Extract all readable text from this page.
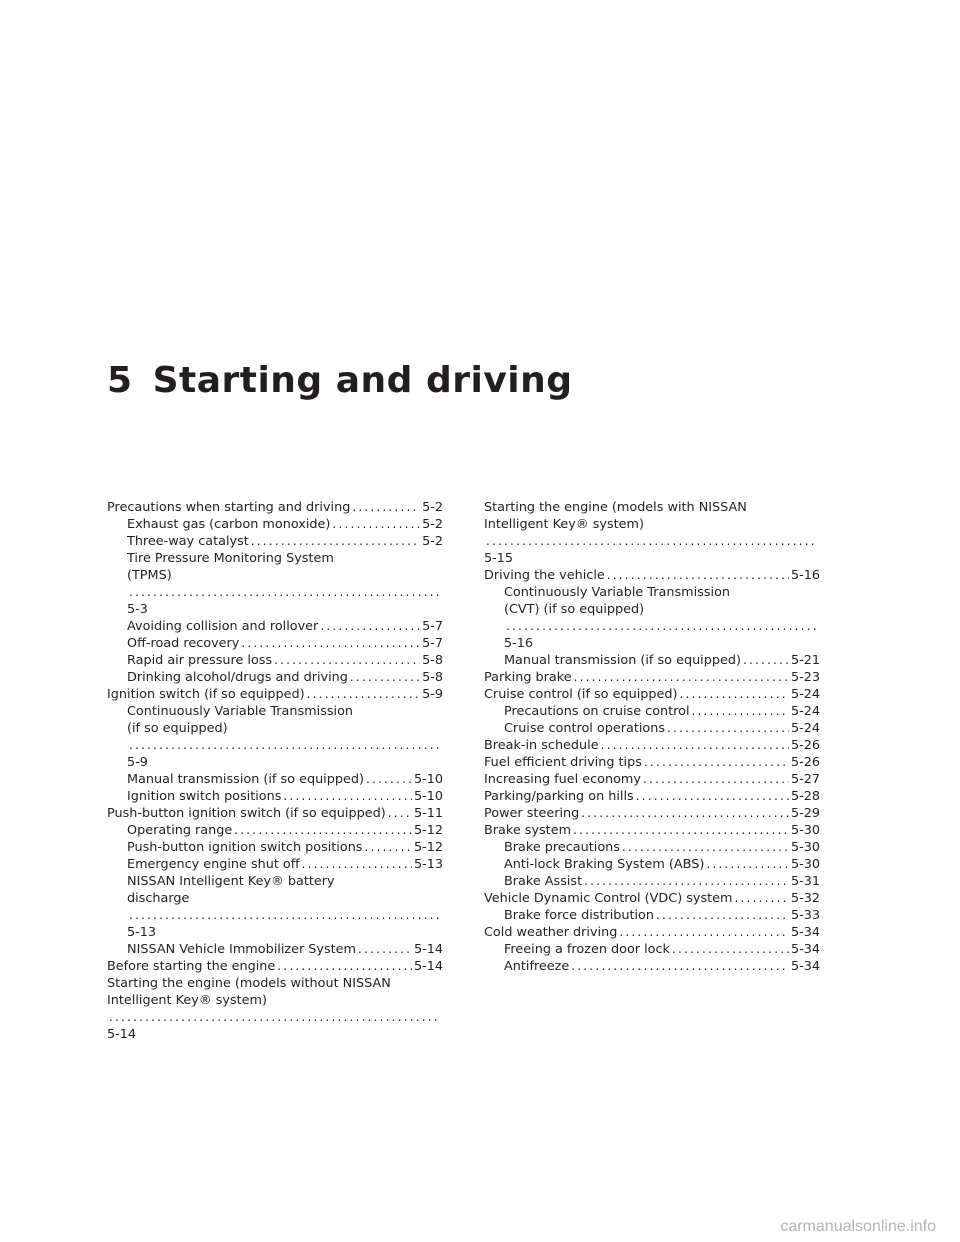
5 Starting and driving
Precautions when starting and driving .....	5-2
Exhaust gas (carbon monoxide) .....	5-2
Three-way catalyst .....	5-2
Tire Pressure Monitoring System
(TPMS)
.....
5-3
Avoiding collision and rollover .....	5-7
Off-road recovery .....	5-7
Rapid air pressure loss .....	5-8
Drinking alcohol/drugs and driving .....	5-8
Ignition switch (if so equipped) .....	5-9
Continuously Variable Transmission
(if so equipped)
.....
5-9
Manual transmission (if so equipped) .....	5-10
Ignition switch positions .....	5-10
Push-button ignition switch (if so equipped) ..... 5-11
Operating range .....	5-12
Push-button ignition switch positions .....	5-12
Emergency engine shut off .....	5-13
NISSAN Intelligent Key® battery
discharge
.....
5-13
NISSAN Vehicle Immobilizer System .....	5-14
Before starting the engine .....	5-14
Starting the engine (models without NISSAN
Intelligent Key® system)
.....
5-14
Starting the engine (models with NISSAN
Intelligent Key® system)
.....
5-15
Driving the vehicle .....	5-16
Continuously Variable Transmission
(CVT) (if so equipped)
.....
5-16
Manual transmission (if so equipped) .....	5-21
Parking brake .....	5-23
Cruise control (if so equipped) .....	5-24
Precautions on cruise control .....	5-24
Cruise control operations .....	5-24
Break-in schedule .....	5-26
Fuel efficient driving tips .....	5-26
Increasing fuel economy .....	5-27
Parking/parking on hills .....	5-28
Power steering .....	5-29
Brake system .....	5-30
Brake precautions .....	5-30
Anti-lock Braking System (ABS) .....	5-30
Brake Assist .....	5-31
Vehicle Dynamic Control (VDC) system .....	5-32
Brake force distribution .....	5-33
Cold weather driving .....	5-34
Freeing a frozen door lock .....	5-34
Antifreeze .....	5-34
carmanualsonline.info
